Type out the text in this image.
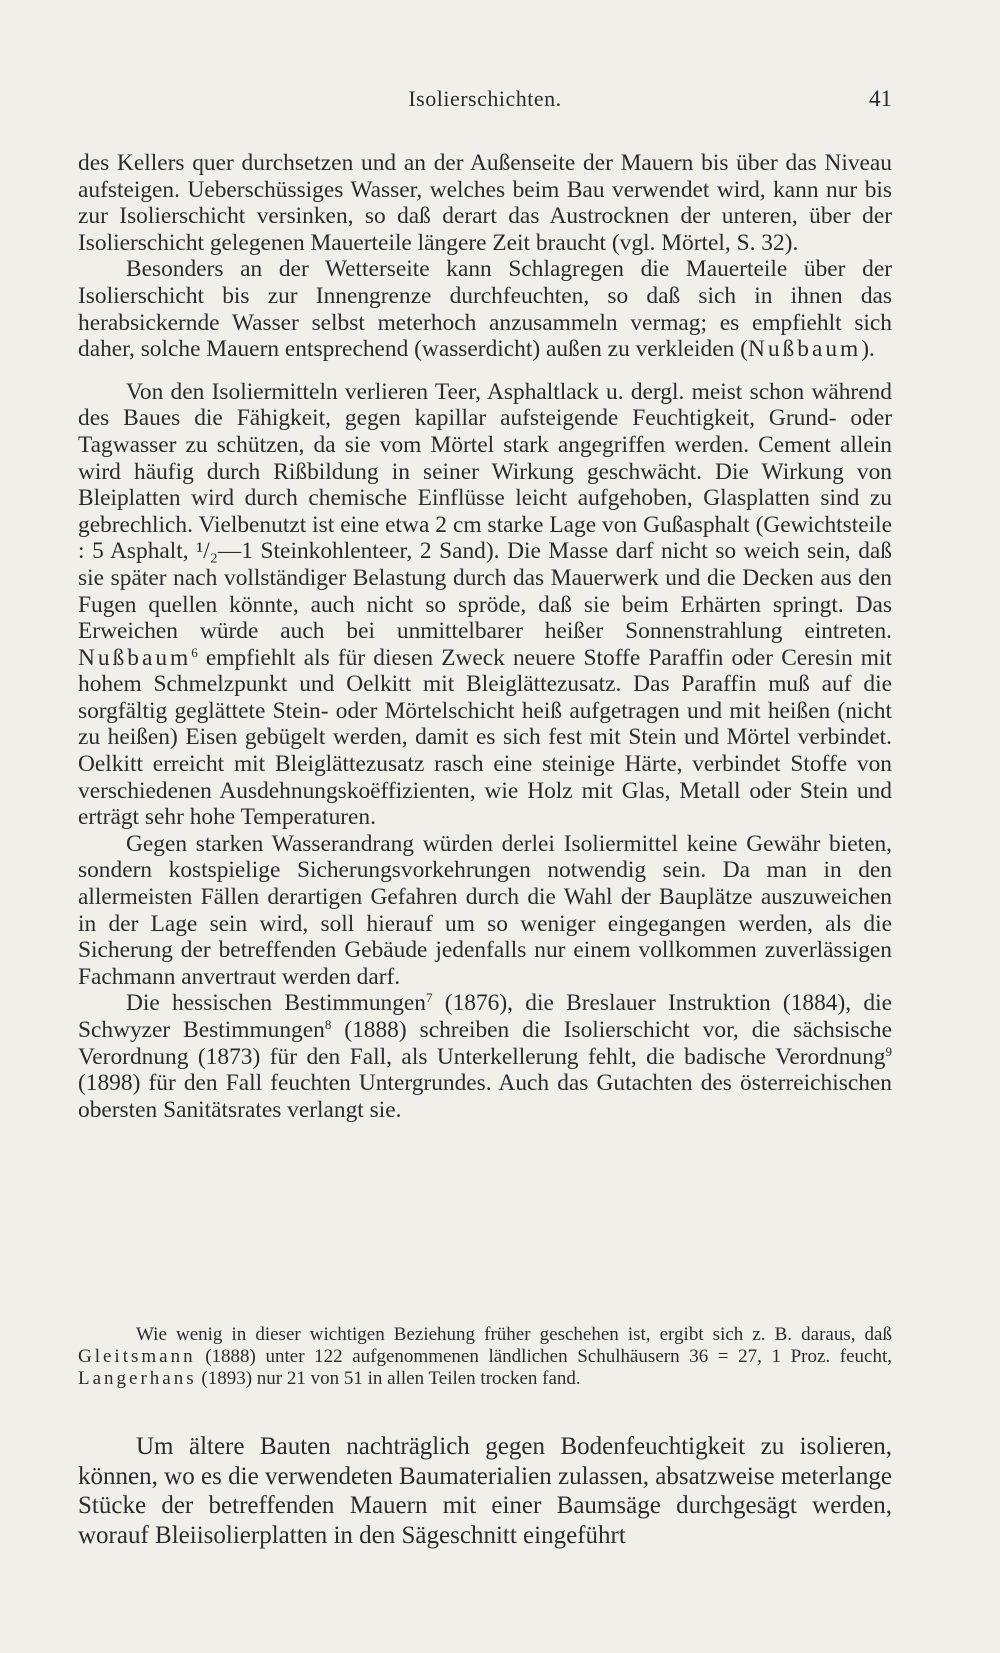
Isolierschichten.	41

des Kellers quer durchsetzen und an der Außenseite der Mauern bis über das Niveau aufsteigen. Ueberschüssiges Wasser, welches beim Bau verwendet wird, kann nur bis zur Isolierschicht versinken, so daß derart das Austrocknen der unteren, über der Isolierschicht gelegenen Mauerteile längere Zeit braucht (vgl. Mörtel, S. 32).

Besonders an der Wetterseite kann Schlagregen die Mauerteile über der Isolierschicht bis zur Innengrenze durchfeuchten, so daß sich in ihnen das herabsickernde Wasser selbst meterhoch anzusammeln vermag; es empfiehlt sich daher, solche Mauern entsprechend (wasserdicht) außen zu verkleiden (Nußbaum).

Von den Isoliermitteln verlieren Teer, Asphaltlack u. dergl. meist schon während des Baues die Fähigkeit, gegen kapillar aufsteigende Feuchtigkeit, Grund- oder Tagwasser zu schützen, da sie vom Mörtel stark angegriffen werden. Cement allein wird häufig durch Rißbildung in seiner Wirkung geschwächt. Die Wirkung von Bleiplatten wird durch chemische Einflüsse leicht aufgehoben, Glasplatten sind zu gebrechlich. Vielbenutzt ist eine etwa 2 cm starke Lage von Gußasphalt (Gewichtsteile : 5 Asphalt, ¹/₂—1 Steinkohlenteer, 2 Sand). Die Masse darf nicht so weich sein, daß sie später nach vollständiger Belastung durch das Mauerwerk und die Decken aus den Fugen quellen könnte, auch nicht so spröde, daß sie beim Erhärten springt. Das Erweichen würde auch bei unmittelbarer heißer Sonnenstrahlung eintreten. Nußbaum$^6$ empfiehlt als für diesen Zweck neuere Stoffe Paraffin oder Ceresin mit hohem Schmelzpunkt und Oelkitt mit Bleiglättezusatz. Das Paraffin muß auf die sorgfältig geglättete Stein- oder Mörtelschicht heiß aufgetragen und mit heißen (nicht zu heißen) Eisen gebügelt werden, damit es sich fest mit Stein und Mörtel verbindet. Oelkitt erreicht mit Bleiglättezusatz rasch eine steinige Härte, verbindet Stoffe von verschiedenen Ausdehnungskoëffizienten, wie Holz mit Glas, Metall oder Stein und erträgt sehr hohe Temperaturen.

Gegen starken Wasserandrang würden derlei Isoliermittel keine Gewähr bieten, sondern kostspielige Sicherungsvorkehrungen notwendig sein. Da man in den allermeisten Fällen derartigen Gefahren durch die Wahl der Bauplätze auszuweichen in der Lage sein wird, soll hierauf um so weniger eingegangen werden, als die Sicherung der betreffenden Gebäude jedenfalls nur einem vollkommen zuverlässigen Fachmann anvertraut werden darf.

Die hessischen Bestimmungen$^7$ (1876), die Breslauer Instruktion (1884), die Schwyzer Bestimmungen$^8$ (1888) schreiben die Isolierschicht vor, die sächsische Verordnung (1873) für den Fall, als Unterkellerung fehlt, die badische Verordnung$^9$ (1898) für den Fall feuchten Untergrundes. Auch das Gutachten des österreichischen obersten Sanitätsrates verlangt sie.

Wie wenig in dieser wichtigen Beziehung früher geschehen ist, ergibt sich z. B. daraus, daß Gleitsmann (1888) unter 122 aufgenommenen ländlichen Schulhäusern 36 = 27, 1 Proz. feucht, Langerhans (1893) nur 21 von 51 in allen Teilen trocken fand.

Um ältere Bauten nachträglich gegen Bodenfeuchtigkeit zu isolieren, können, wo es die verwendeten Baumaterialien zulassen, absatzweise meterlange Stücke der betreffenden Mauern mit einer Baumsäge durchgesägt werden, worauf Bleiisolierplatten in den Sägeschnitt eingeführt
